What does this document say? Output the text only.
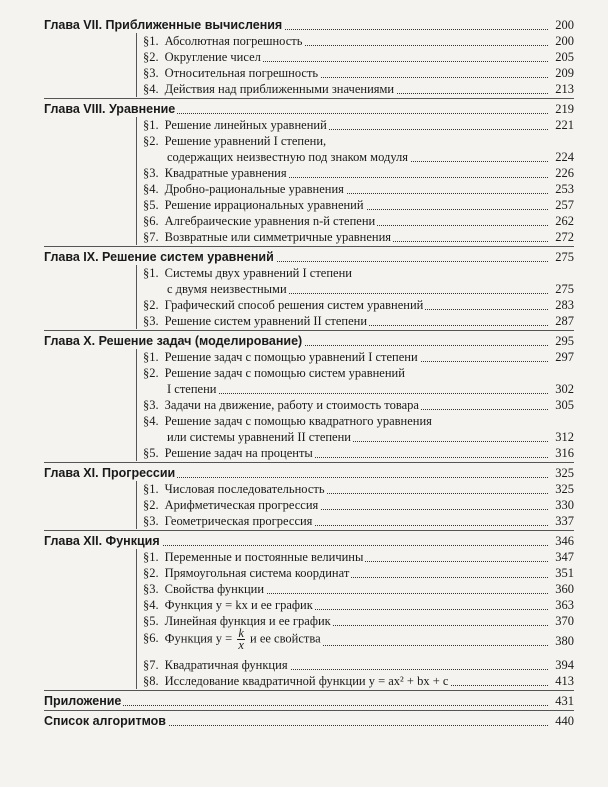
Глава VII. Приближенные вычисления	200
§1. Абсолютная погрешность	200
§2. Округление чисел	205
§3. Относительная погрешность	209
§4. Действия над приближенными значениями	213
Глава VIII. Уравнение	219
§1. Решение линейных уравнений	221
§2. Решение уравнений I степени,
содержащих неизвестную под знаком модуля	224
§3. Квадратные уравнения	226
§4. Дробно-рациональные уравнения	253
§5. Решение иррациональных уравнений	257
§6. Алгебраические уравнения n-й степени	262
§7. Возвратные или симметричные уравнения	272
Глава IX. Решение систем уравнений	275
§1. Системы двух уравнений I степени
с двумя неизвестными	275
§2. Графический способ решения систем уравнений	283
§3. Решение систем уравнений II степени	287
Глава X. Решение задач (моделирование)	295
§1. Решение задач с помощью уравнений I степени	297
§2. Решение задач с помощью систем уравнений
I степени	302
§3. Задачи на движение, работу и стоимость товара	305
§4. Решение задач с помощью квадратного уравнения
или системы уравнений II степени	312
§5. Решение задач на проценты	316
Глава XI. Прогрессии	325
§1. Числовая последовательность	325
§2. Арифметическая прогрессия	330
§3. Геометрическая прогрессия	337
Глава XII. Функция	346
§1. Переменные и постоянные величины	347
§2. Прямоугольная система координат	351
§3. Свойства функции	360
§4. Функция y = kx и ее график	363
§5. Линейная функция и ее график	370
§6. Функция $y = \frac{k}{x}$ и ее свойства	380
§7. Квадратичная функция	394
§8. Исследование квадратичной функции y = ax² + bx + c	413
Приложение	431
Список алгоритмов	440
